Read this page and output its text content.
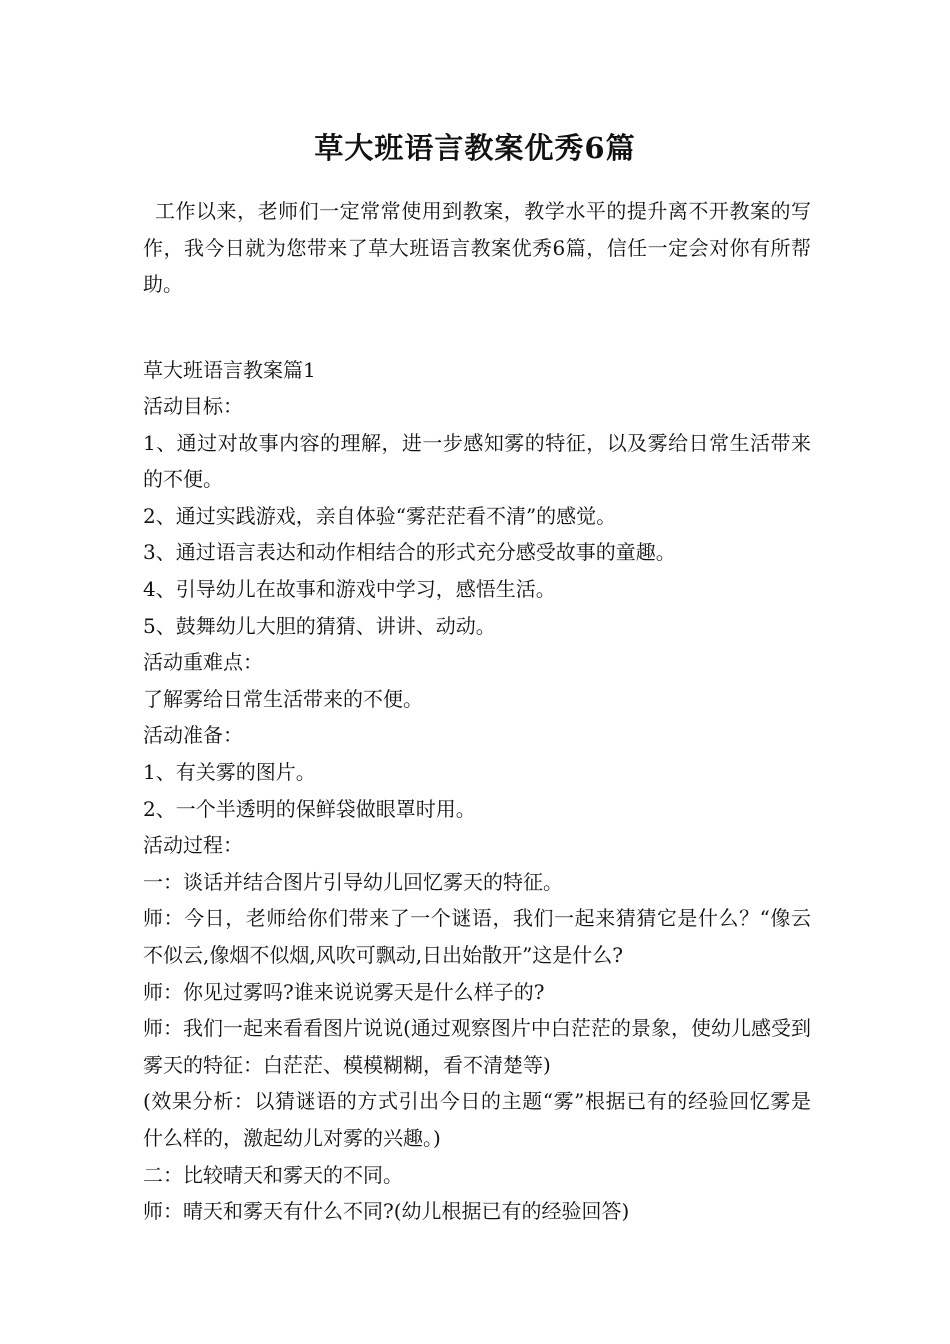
草大班语言教案优秀6篇

工作以来，老师们一定常常使用到教案，教学水平的提升离不开教案的写作，我今日就为您带来了草大班语言教案优秀6篇，信任一定会对你有所帮助。

草大班语言教案篇1

活动目标：

1、通过对故事内容的理解，进一步感知雾的特征，以及雾给日常生活带来的不便。

2、通过实践游戏，亲自体验“雾茫茫看不清”的感觉。

3、通过语言表达和动作相结合的形式充分感受故事的童趣。

4、引导幼儿在故事和游戏中学习，感悟生活。

5、鼓舞幼儿大胆的猜猜、讲讲、动动。

活动重难点：

了解雾给日常生活带来的不便。

活动准备：

1、有关雾的图片。

2、一个半透明的保鲜袋做眼罩时用。

活动过程：

一：谈话并结合图片引导幼儿回忆雾天的特征。

师：今日，老师给你们带来了一个谜语，我们一起来猜猜它是什么？“像云不似云,像烟不似烟,风吹可飘动,日出始散开”这是什么?

师：你见过雾吗?谁来说说雾天是什么样子的?

师：我们一起来看看图片说说(通过观察图片中白茫茫的景象，使幼儿感受到雾天的特征：白茫茫、模模糊糊，看不清楚等)

(效果分析：以猜谜语的方式引出今日的主题“雾”根据已有的经验回忆雾是什么样的，激起幼儿对雾的兴趣。)

二：比较晴天和雾天的不同。

师：晴天和雾天有什么不同?(幼儿根据已有的经验回答)
